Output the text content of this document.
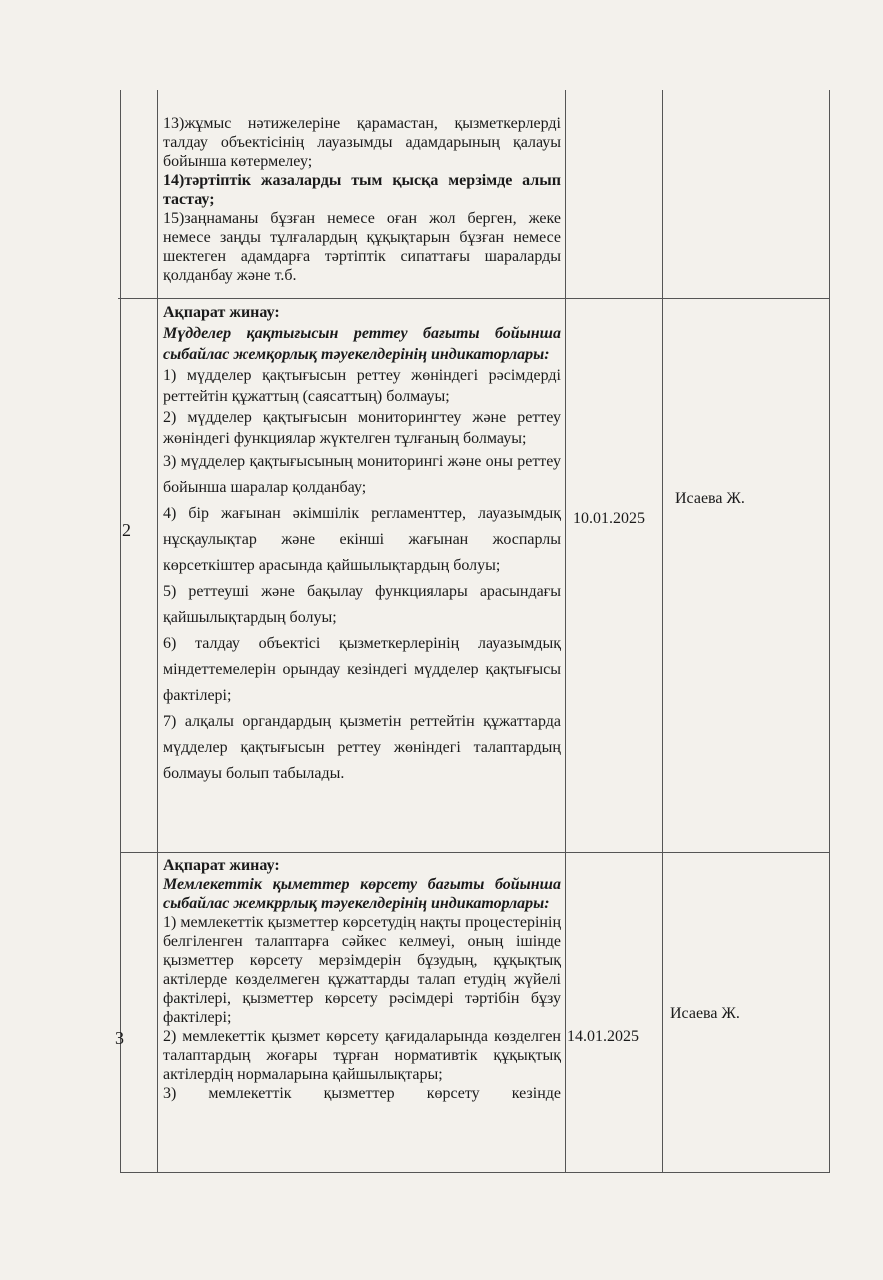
13)жұмыс нәтижелеріне қарамастан, қызметкерлерді талдау объектісінің лауазымды адамдарының қалауы бойынша көтермелеу;

14)тәртіптік жазаларды тым қысқа мерзімде алып тастау;

15)заңнаманы бұзған немесе оған жол берген, жеке немесе заңды тұлғалардың құқықтарын бұзған немесе шектеген адамдарға тәртіптік сипаттағы шараларды қолданбау және т.б.

2

Ақпарат жинау:

Мүдделер қақтығысын реттеу бағыты бойынша сыбайлас жемқорлық тәуекелдерінің индикаторлары:

1) мүдделер қақтығысын реттеу жөніндегі рәсімдерді реттейтін құжаттың (саясаттың) болмауы;

2) мүдделер қақтығысын мониторингтеу және реттеу жөніндегі функциялар жүктелген тұлғаның болмауы;

3) мүдделер қақтығысының мониторингі және оны реттеу бойынша шаралар қолданбау;

4) бір жағынан әкімшілік регламенттер, лауазымдық нұсқаулықтар және екінші жағынан жоспарлы көрсеткіштер арасында қайшылықтардың болуы;

5) реттеуші және бақылау функциялары арасындағы қайшылықтардың болуы;

6) талдау объектісі қызметкерлерінің лауазымдық міндеттемелерін орындау кезіндегі мүдделер қақтығысы фактілері;

7) алқалы органдардың қызметін реттейтін құжаттарда мүдделер қақтығысын реттеу жөніндегі талаптардың болмауы болып табылады.

10.01.2025
Исаева Ж.
3

Ақпарат жинау:

Мемлекеттік қыметтер көрсету бағыты бойынша сыбайлас жемкррлық тәуекелдерінің индикаторлары:

1) мемлекеттік қызметтер көрсетудің нақты процестерінің белгіленген талаптарға сәйкес келмеуі, оның ішінде қызметтер көрсету мерзімдерін бұзудың, құқықтық актілерде көзделмеген құжаттарды талап етудің жүйелі фактілері, қызметтер көрсету рәсімдері тәртібін бұзу фактілері;

2) мемлекеттік қызмет көрсету қағидаларында көзделген талаптардың жоғары тұрған нормативтік құқықтық актілердің нормаларына қайшылықтары;

3) мемлекеттік қызметтер көрсету кезінде

14.01.2025
Исаева Ж.
